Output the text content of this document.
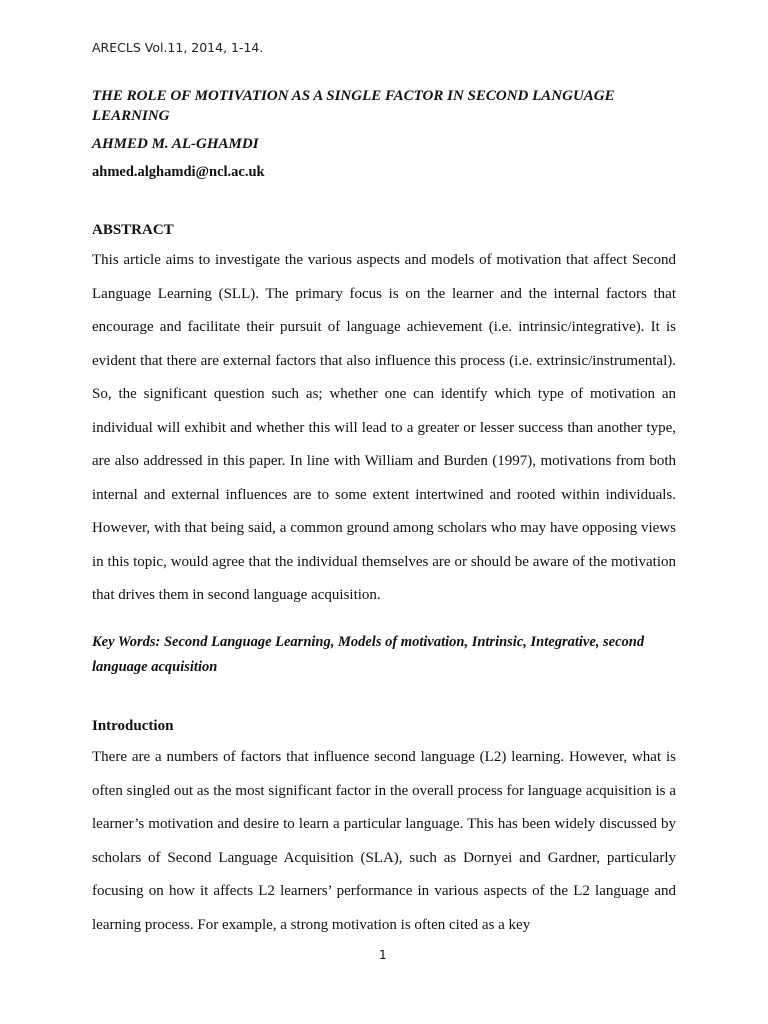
ARECLS Vol.11, 2014, 1-14.
THE ROLE OF MOTIVATION AS A SINGLE FACTOR IN SECOND LANGUAGE LEARNING
AHMED M. AL-GHAMDI
ahmed.alghamdi@ncl.ac.uk
ABSTRACT

This article aims to investigate the various aspects and models of motivation that affect Second Language Learning (SLL). The primary focus is on the learner and the internal factors that encourage and facilitate their pursuit of language achievement (i.e. intrinsic/integrative). It is evident that there are external factors that also influence this process (i.e. extrinsic/instrumental). So, the significant question such as; whether one can identify which type of motivation an individual will exhibit and whether this will lead to a greater or lesser success than another type, are also addressed in this paper. In line with William and Burden (1997), motivations from both internal and external influences are to some extent intertwined and rooted within individuals. However, with that being said, a common ground among scholars who may have opposing views in this topic, would agree that the individual themselves are or should be aware of the motivation that drives them in second language acquisition.

Key Words: Second Language Learning, Models of motivation, Intrinsic, Integrative, second language acquisition
Introduction

There are a numbers of factors that influence second language (L2) learning. However, what is often singled out as the most significant factor in the overall process for language acquisition is a learner’s motivation and desire to learn a particular language. This has been widely discussed by scholars of Second Language Acquisition (SLA), such as Dornyei and Gardner, particularly focusing on how it affects L2 learners’ performance in various aspects of the L2 language and learning process. For example, a strong motivation is often cited as a key

1
